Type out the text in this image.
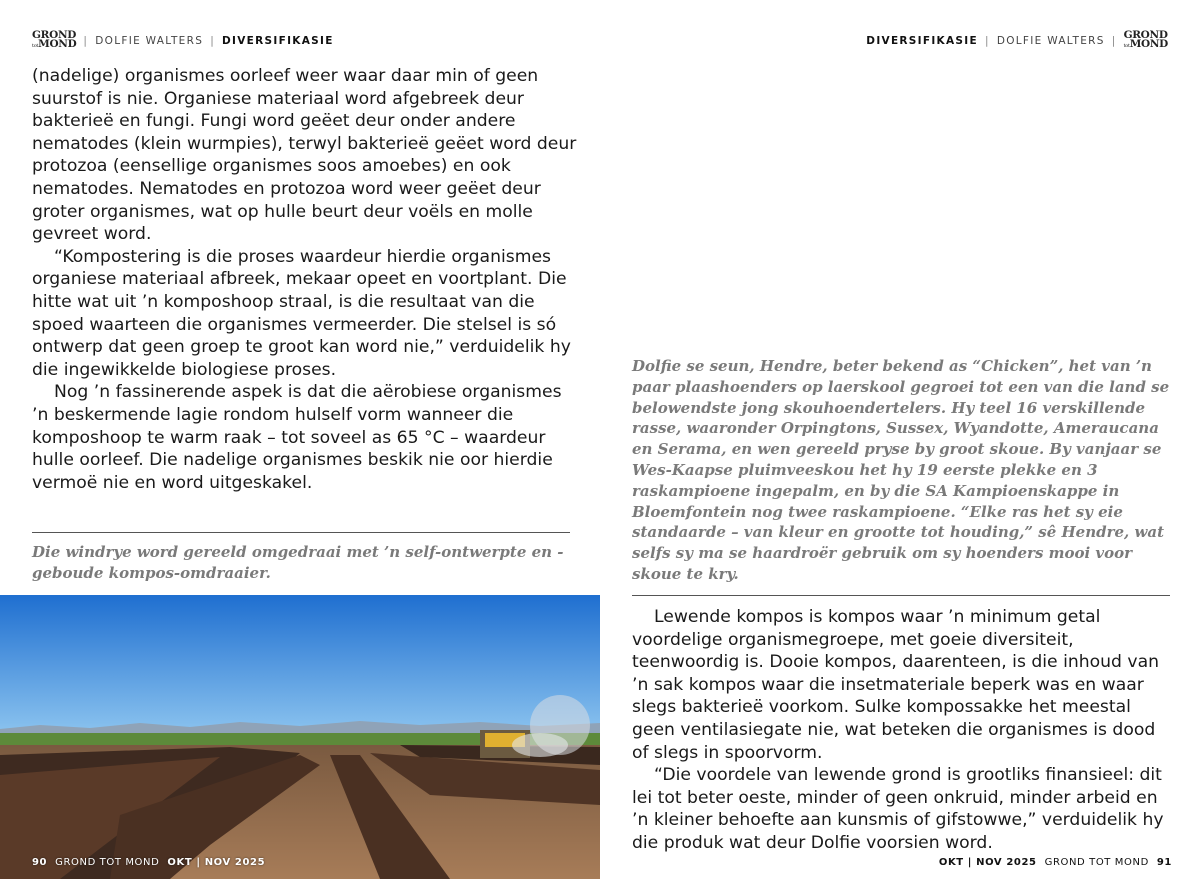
GROND
totMOND | DOLFIE WALTERS | DIVERSIFIKASIE

(nadelige) organismes oorleef weer waar daar min of geen suurstof is nie. Organiese materiaal word afgebreek deur bakterieë en fungi. Fungi word geëet deur onder andere nematodes (klein wurmpies), terwyl bakterieë geëet word deur protozoa (eensellige organismes soos amoebes) en ook nematodes. Nematodes en protozoa word weer geëet deur groter organismes, wat op hulle beurt deur voëls en molle gevreet word.

“Kompostering is die proses waardeur hierdie organismes organiese materiaal afbreek, mekaar opeet en voortplant. Die hitte wat uit ’n komposhoop straal, is die resultaat van die spoed waarteen die organismes vermeerder. Die stelsel is só ontwerp dat geen groep te groot kan word nie,” verduidelik hy die ingewikkelde biologiese proses.

Nog ’n fassinerende aspek is dat die aërobiese organismes ’n beskermende lagie rondom hulself vorm wanneer die komposhoop te warm raak – tot soveel as 65 °C – waardeur hulle oorleef. Die nadelige organismes beskik nie oor hierdie vermoë nie en word uitgeskakel.

Die windrye word gereeld omgedraai met ’n self-ontwerpte en -geboude kompos-omdraaier.
90 GROND TOT MOND OKT | NOV 2025
DIVERSIFIKASIE | DOLFIE WALTERS | GROND
totMOND
Dolfie se seun, Hendre, beter bekend as “Chicken”, het van ’n paar plaashoenders op laerskool gegroei tot een van die land se belowendste jong skouhoendertelers. Hy teel 16 verskillende rasse, waaronder Orpingtons, Sussex, Wyandotte, Ameraucana en Serama, en wen gereeld pryse by groot skoue. By vanjaar se Wes-Kaapse pluimveeskou het hy 19 eerste plekke en 3 raskampioene ingepalm, en by die SA Kampioenskappe in Bloemfontein nog twee raskampioene. “Elke ras het sy eie standaarde – van kleur en grootte tot houding,” sê Hendre, wat selfs sy ma se haardroër gebruik om sy hoenders mooi voor skoue te kry.

Lewende kompos is kompos waar ’n minimum getal voordelige organismegroepe, met goeie diversiteit, teenwoordig is. Dooie kompos, daarenteen, is die inhoud van ’n sak kompos waar die insetmateriale beperk was en waar slegs bakterieë voorkom. Sulke kompossakke het meestal geen ventilasiegate nie, wat beteken die organismes is dood of slegs in spoorvorm.

“Die voordele van lewende grond is grootliks finansieel: dit lei tot beter oeste, minder of geen onkruid, minder arbeid en ’n kleiner behoefte aan kunsmis of gifstowwe,” verduidelik hy die produk wat deur Dolfie voorsien word.

OKT | NOV 2025 GROND TOT MOND 91
